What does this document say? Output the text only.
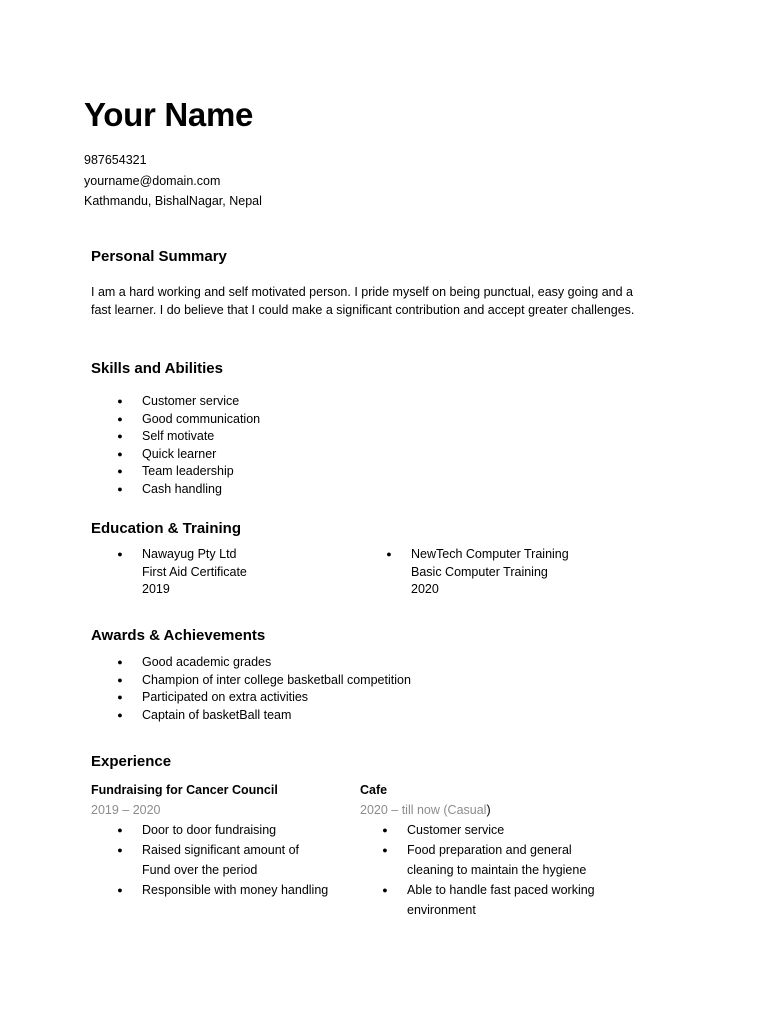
Your Name
987654321
yourname@domain.com
Kathmandu, BishalNagar, Nepal
Personal Summary

I am a hard working and self motivated person. I pride myself on being punctual, easy going and a fast learner. I do believe that I could make a significant contribution and accept greater challenges.

Skills and Abilities
● Customer service
● Good communication
● Self motivate
● Quick learner
● Team leadership
● Cash handling
Education & Training
● Nawayug Pty Ltd
First Aid Certificate
2019
● NewTech Computer Training
Basic Computer Training
2020
Awards & Achievements
● Good academic grades
● Champion of inter college basketball competition
● Participated on extra activities
● Captain of basketBall team
Experience
Fundraising for Cancer Council
2019 – 2020
● Door to door fundraising
● Raised significant amount of
Fund over the period
● Responsible with money handling
Cafe
2020 – till now (Casual)
● Customer service
● Food preparation and general
cleaning to maintain the hygiene
● Able to handle fast paced working
environment
